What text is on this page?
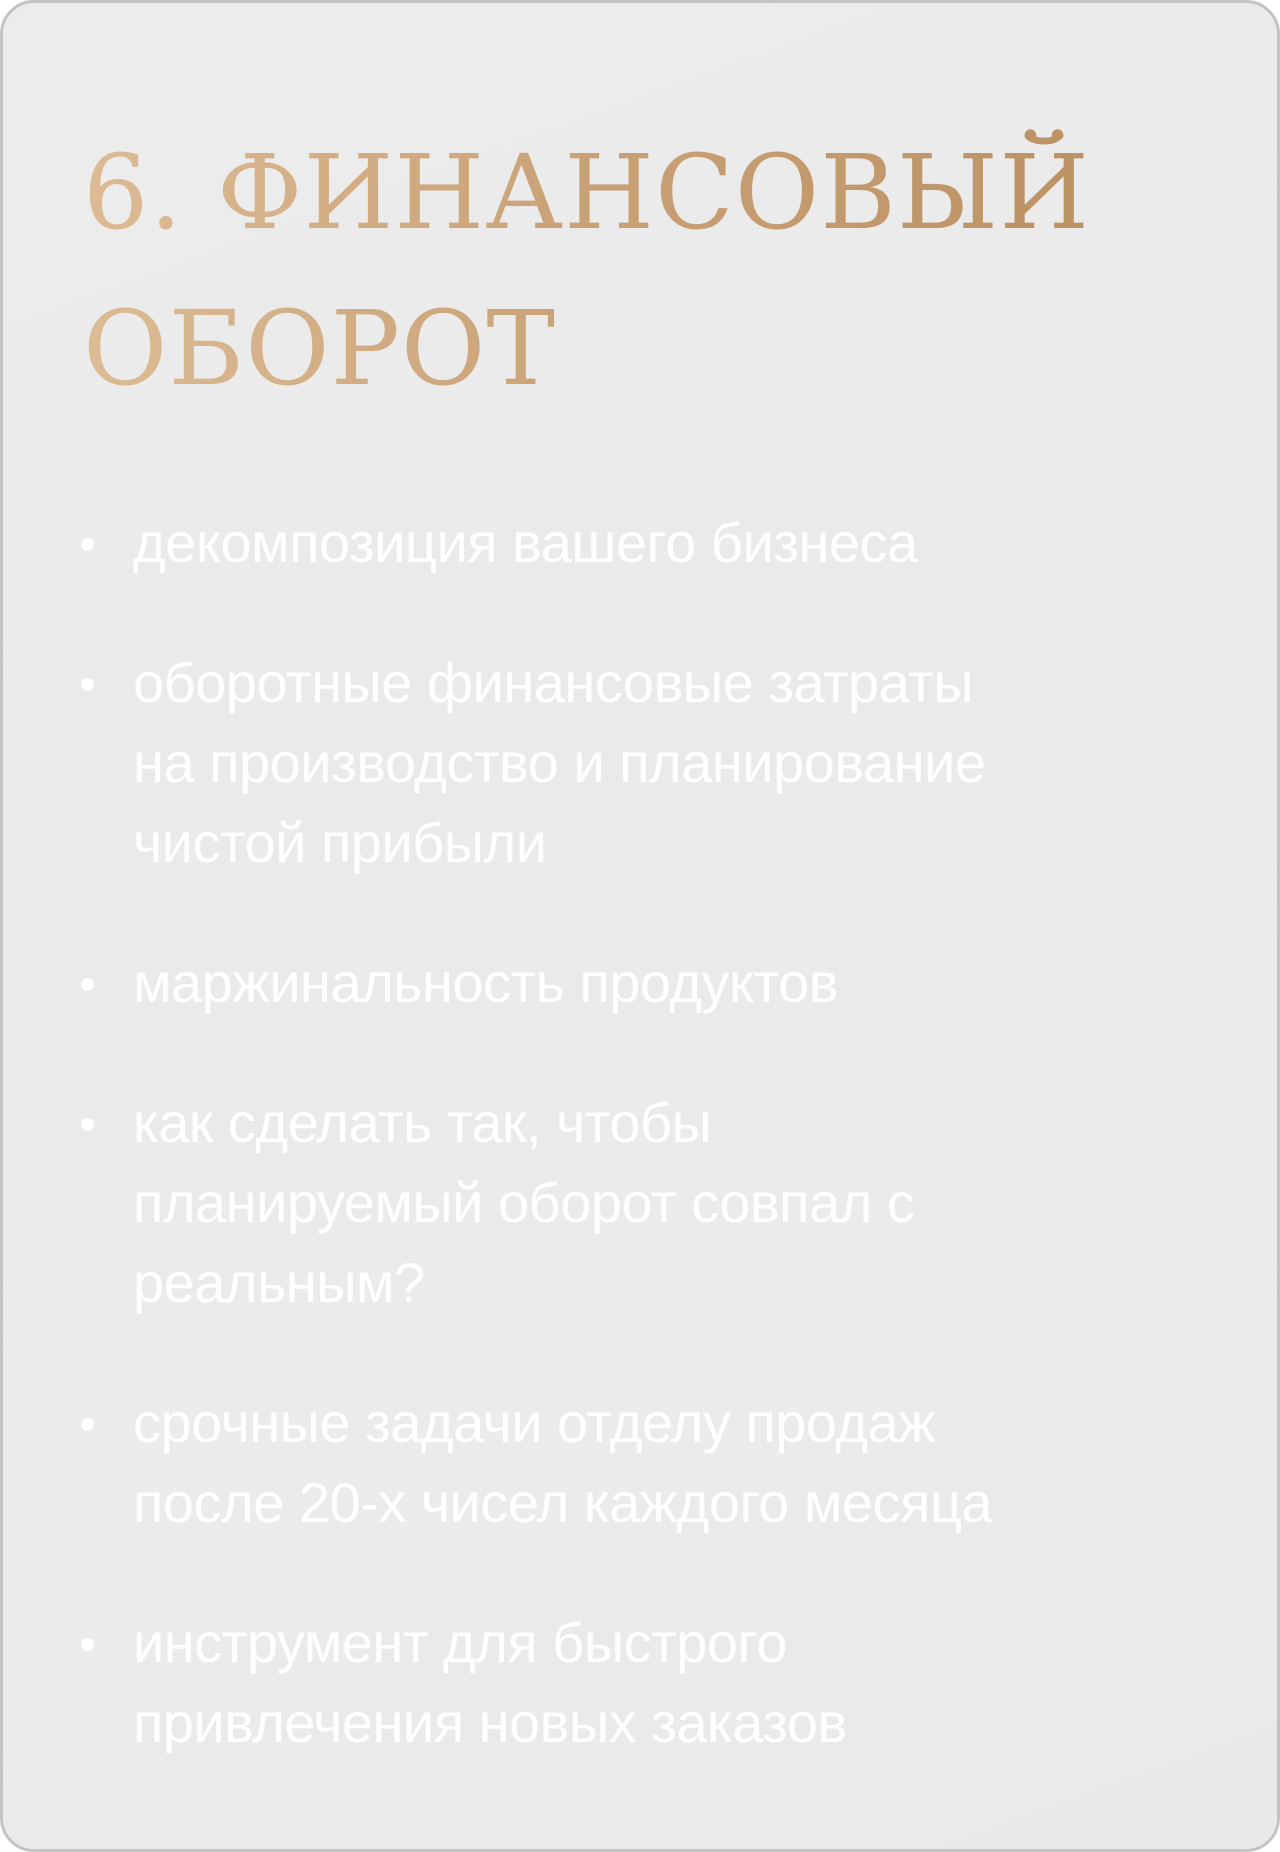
6. ФИНАНСОВЫЙ
ОБОРОТ
декомпозиция вашего бизнеса
оборотные финансовые затраты
на производство и планирование
чистой прибыли
маржинальность продуктов
как сделать так, чтобы
планируемый оборот совпал с
реальным?
срочные задачи отделу продаж
после 20-х чисел каждого месяца
инструмент для быстрого
привлечения новых заказов
